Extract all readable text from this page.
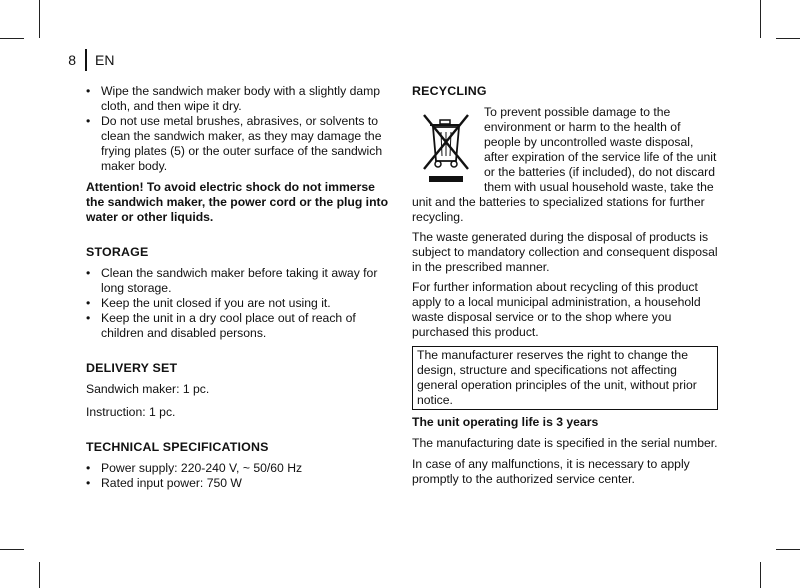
8 EN
• Wipe the sandwich maker body with a slightly damp cloth, and then wipe it dry.
• Do not use metal brushes, abrasives, or solvents to clean the sandwich maker, as they may damage the frying plates (5) or the outer surface of the sandwich maker body.

Attention! To avoid electric shock do not immerse the sandwich maker, the power cord or the plug into water or other liquids.

STORAGE
• Clean the sandwich maker before taking it away for long storage.
• Keep the unit closed if you are not using it.
• Keep the unit in a dry cool place out of reach of children and disabled persons.
DELIVERY SET

Sandwich maker: 1 pc.

Instruction: 1 pc.

TECHNICAL SPECIFICATIONS
• Power supply: 220-240 V, ~ 50/60 Hz
• Rated input power: 750 W
RECYCLING

To prevent possible damage to the environment or harm to the health of people by uncontrolled waste disposal, after expiration of the service life of the unit or the batteries (if included), do not discard them with usual household waste, take the unit and the batteries to specialized stations for further recycling.

The waste generated during the disposal of products is subject to mandatory collection and consequent disposal in the prescribed manner.

For further information about recycling of this product apply to a local municipal administration, a household waste disposal service or to the shop where you purchased this product.

The manufacturer reserves the right to change the design, structure and specifications not affecting general operation principles of the unit, without prior notice.

The unit operating life is 3 years

The manufacturing date is specified in the serial number.

In case of any malfunctions, it is necessary to apply promptly to the authorized service center.
